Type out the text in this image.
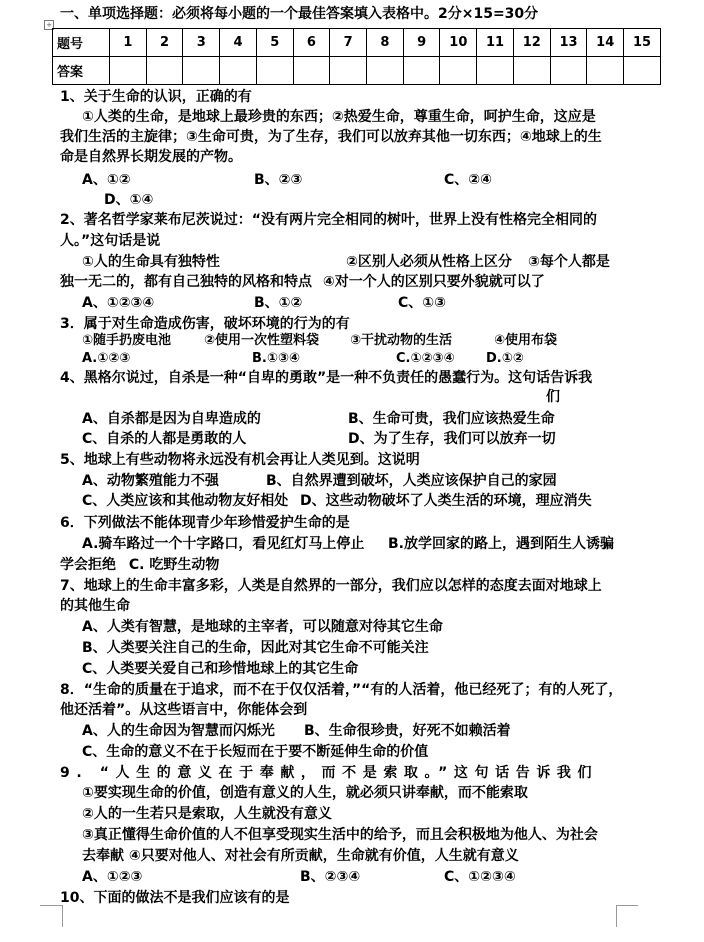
+
一、单项选择题：必须将每小题的一个最佳答案填入表格中。2分×15=30分
题号	1	2	3	4	5	6	7	8	9	10	11	12	13	14	15
答案															
1、关于生命的认识，正确的有
①人类的生命，是地球上最珍贵的东西；②热爱生命，尊重生命，呵护生命，这应是
我们生活的主旋律；③生命可贵，为了生存，我们可以放弃其他一切东西；④地球上的生
命是自然界长期发展的产物。
A、①②	B、②③	C、②④
D、①④
2、著名哲学家莱布尼茨说过：“没有两片完全相同的树叶，世界上没有性格完全相同的
人。”这句话是说
①人的生命具有独特性	②区别人必须从性格上区分 ③每个人都是
独一无二的，都有自己独特的风格和特点 ④对一个人的区别只要外貌就可以了
A、①②③④	B、①②	C、①③
3．属于对生命造成伤害，破坏环境的行为的有
①随手扔废电池	②使用一次性塑料袋 ③干扰动物的生活	④使用布袋
A.①②③	B.①③④	C.①②③④ D.①②
4、黑格尔说过，自杀是一种“自卑的勇敢”是一种不负责任的愚蠢行为。这句话告诉我
们
A、自杀都是因为自卑造成的	B、生命可贵，我们应该热爱生命
C、自杀的人都是勇敢的人	D、为了生存，我们可以放弃一切
5、地球上有些动物将永远没有机会再让人类见到。这说明
A、动物繁殖能力不强	B、自然界遭到破坏，人类应该保护自己的家园
C、人类应该和其他动物友好相处 D、这些动物破坏了人类生活的环境，理应消失
6．下列做法不能体现青少年珍惜爱护生命的是
A.骑车路过一个十字路口，看见红灯马上停止 B.放学回家的路上，遇到陌生人诱骗
学会拒绝 C. 吃野生动物
7、地球上的生命丰富多彩，人类是自然界的一部分，我们应以怎样的态度去面对地球上
的其他生命
A、人类有智慧，是地球的主宰者，可以随意对待其它生命
B、人类要关注自己的生命，因此对其它生命不可能关注
C、人类要关爱自己和珍惜地球上的其它生命
8．“生命的质量在于追求，而不在于仅仅活着，”“有的人活着，他已经死了；有的人死了，
他还活着”。从这些语言中，你能体会到
A、人的生命因为智慧而闪烁光 B、生命很珍贵，好死不如赖活着
C、生命的意义不在于长短而在于要不断延伸生命的价值
9. “人生的意义在于奉献，而不是索取。”这句话告诉我们
①要实现生命的价值，创造有意义的人生，就必须只讲奉献，而不能索取
②人的一生若只是索取，人生就没有意义
③真正懂得生命价值的人不但享受现实生活中的给予，而且会积极地为他人、为社会
去奉献 ④只要对他人、对社会有所贡献，生命就有价值，人生就有意义
A、①②③	B、②③④	C、①②③④
10、下面的做法不是我们应该有的是
